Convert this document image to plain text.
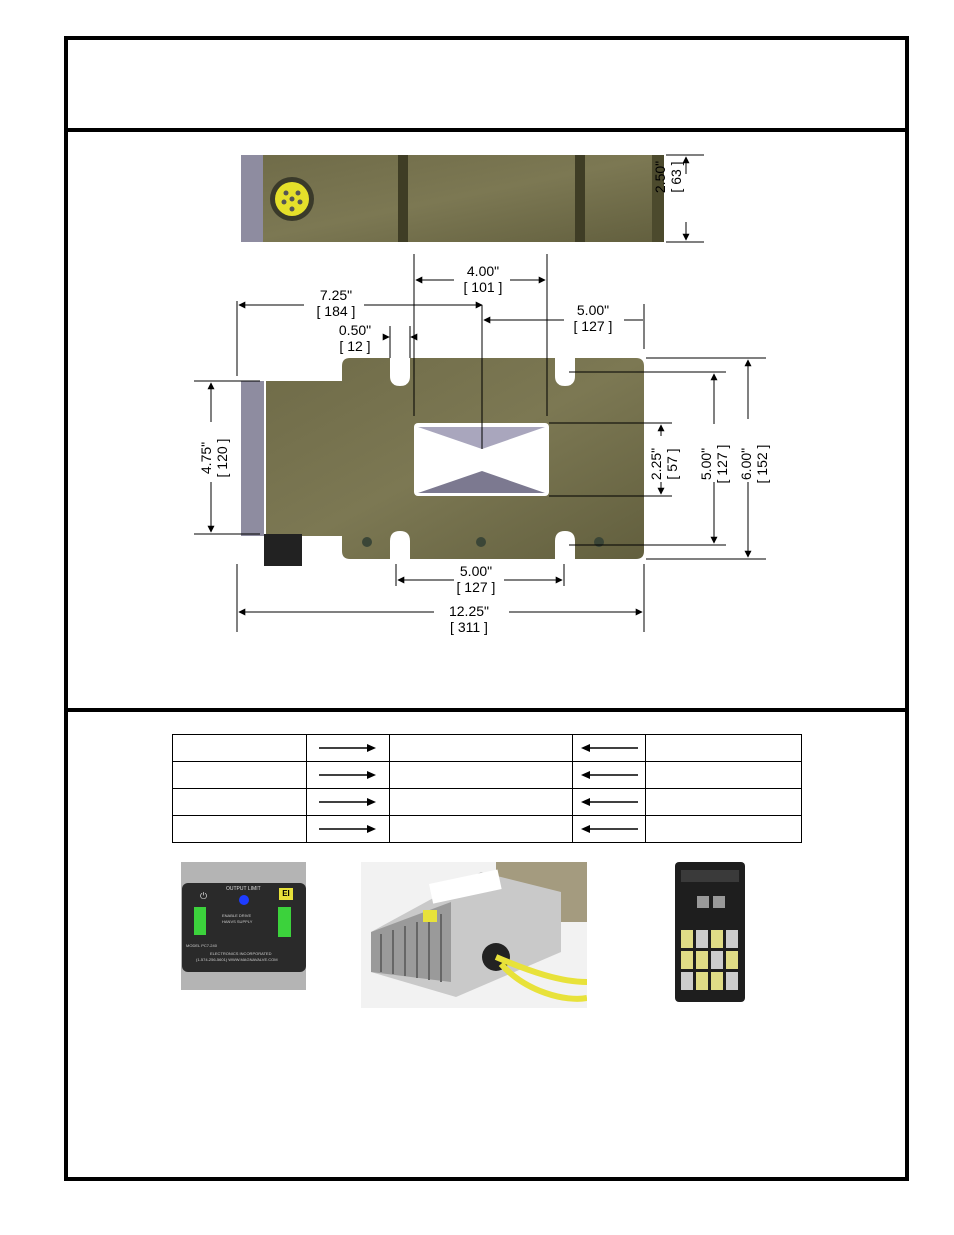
2.50" [ 63 ]
4.00"
[ 101 ]
7.25"
[ 184 ]
0.50"
[ 12 ]
5.00"
[ 127 ]
4.75" [ 120 ]	2.25" [ 57 ] 5.00" [ 127 ] 6.00" [ 152 ]
5.00"
[ 127 ]
12.25"
[ 311 ]

OUTPUT LIMIT
⏻	EI
ENABLE DRIVE
HANVS SUPPLY
MODEL PC7-240
ELECTRONICS INCORPORATED
(1-574-256-5601) WWW.MAGNAVALVE.COM
